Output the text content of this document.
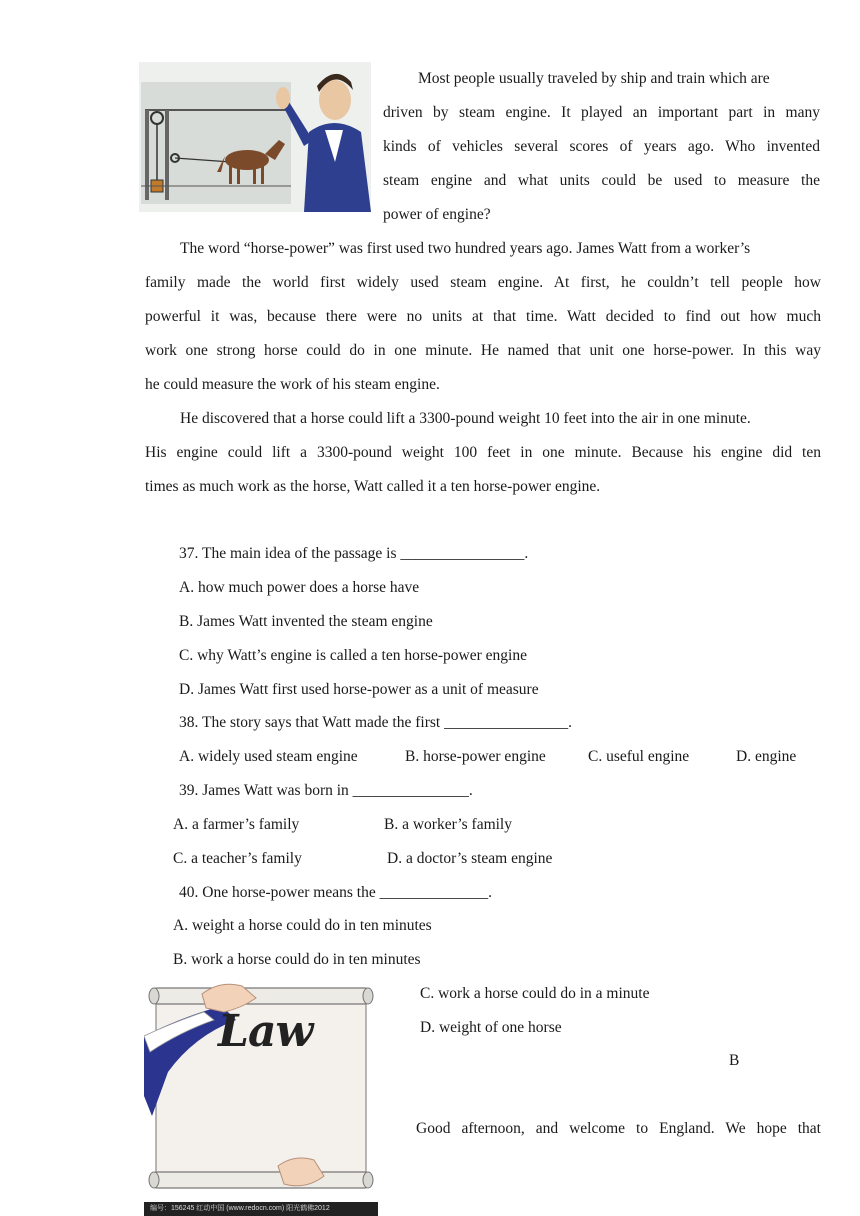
Most people usually traveled by ship and train which are
driven by steam engine. It played an important part in many
kinds of vehicles several scores of years ago. Who invented
steam engine and what units could be used to measure the
power of engine?
The word “horse-power” was first used two hundred years ago. James Watt from a worker’s
family made the world first widely used steam engine. At first, he couldn’t tell people how
powerful it was, because there were no units at that time. Watt decided to find out how much
work one strong horse could do in one minute. He named that unit one horse-power. In this way
he could measure the work of his steam engine.
He discovered that a horse could lift a 3300-pound weight 10 feet into the air in one minute.
His engine could lift a 3300-pound weight 100 feet in one minute. Because his engine did ten
times as much work as the horse, Watt called it a ten horse-power engine.
37. The main idea of the passage is ________________.
A. how much power does a horse have
B. James Watt invented the steam engine
C. why Watt’s engine is called a ten horse-power engine
D. James Watt first used horse-power as a unit of measure
38. The story says that Watt made the first ________________.
A. widely used steam engine	B. horse-power engine	C. useful engine	D. engine
39. James Watt was born in _______________.
A. a farmer’s family	B. a worker’s family
C. a teacher’s family	D. a doctor’s steam engine
40. One horse-power means the ______________.
A. weight a horse could do in ten minutes
B. work a horse could do in ten minutes
C. work a horse could do in a minute
D. weight of one horse
Law
编号：156245 红动中国 (www.redocn.com) 阳光鹤佛2012
B
Good afternoon, and welcome to England. We hope that
